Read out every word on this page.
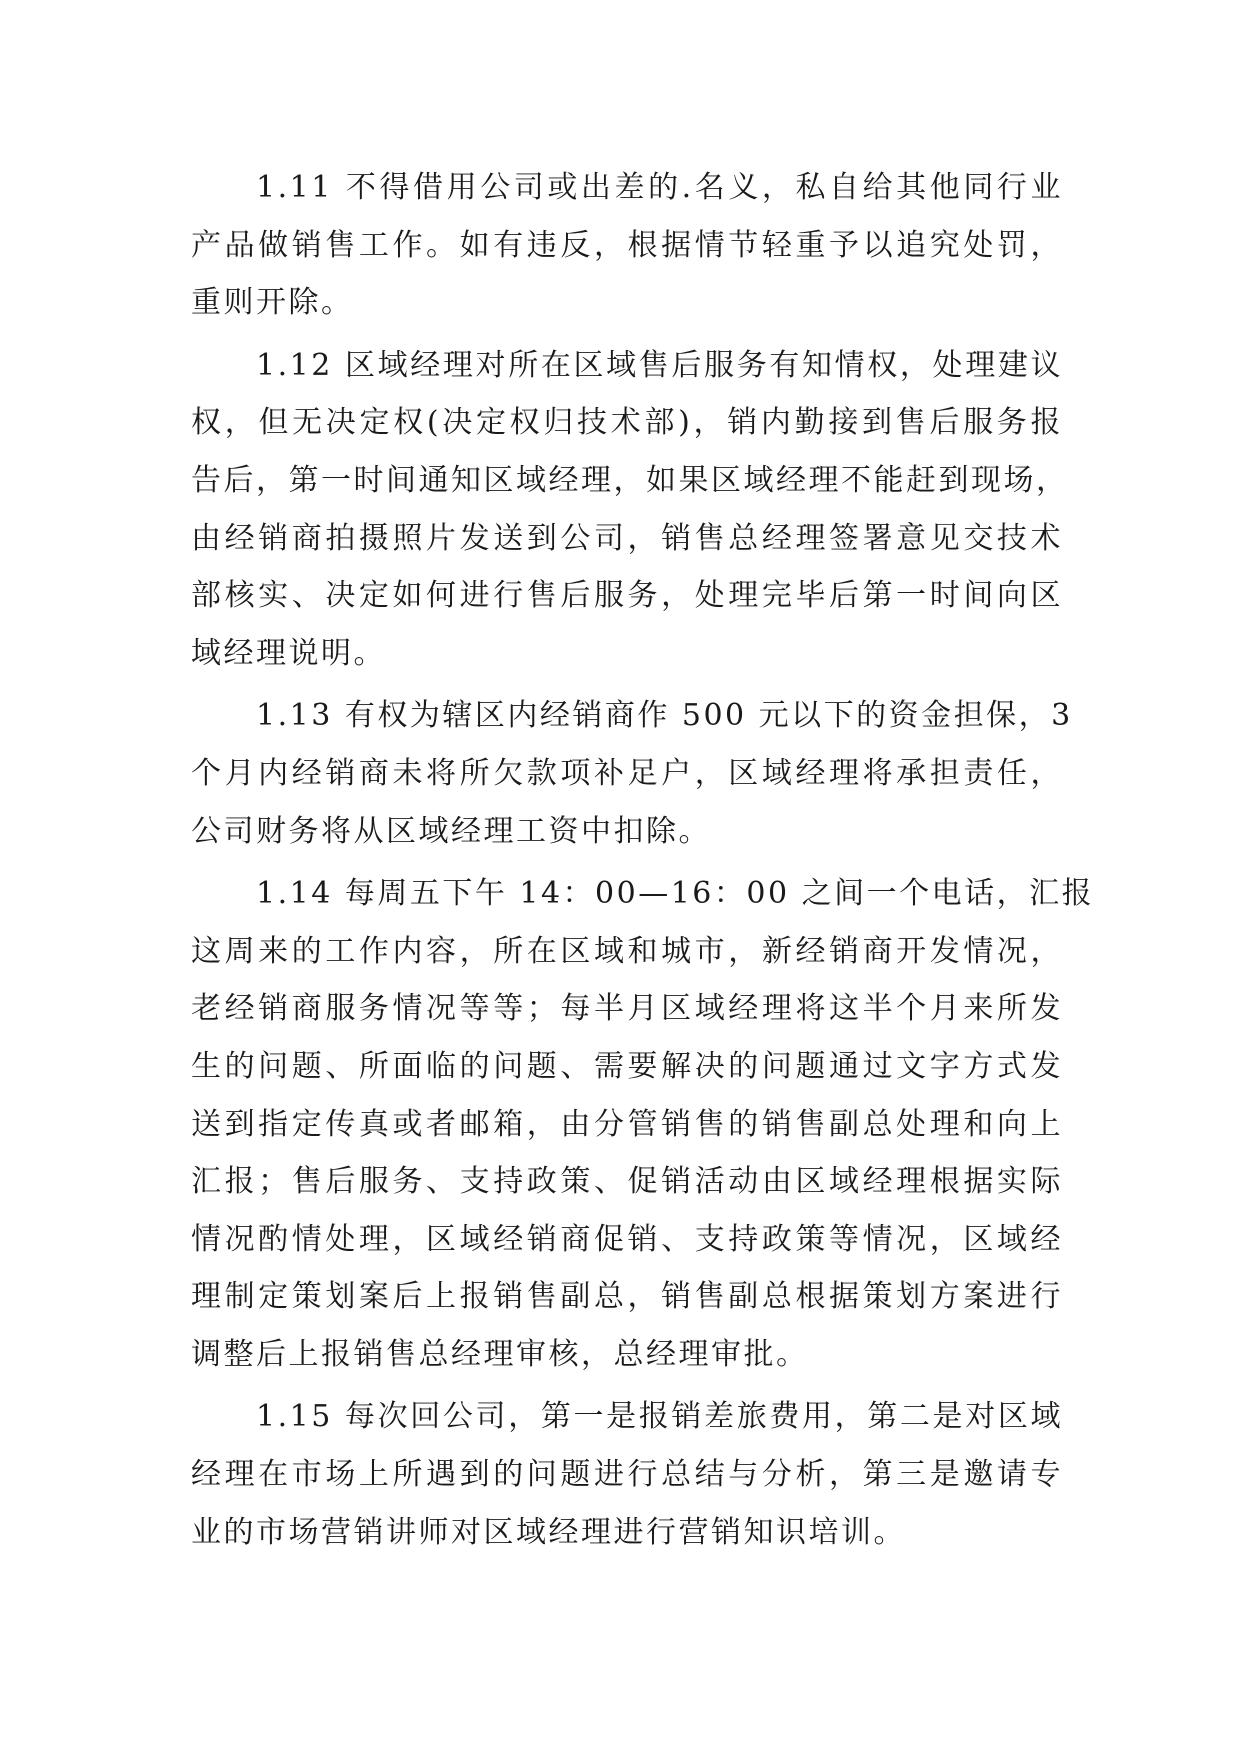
1.11 不得借用公司或出差的.名义，私自给其他同行业
产品做销售工作。如有违反，根据情节轻重予以追究处罚，
重则开除。
1.12 区域经理对所在区域售后服务有知情权，处理建议
权，但无决定权(决定权归技术部)，销内勤接到售后服务报
告后，第一时间通知区域经理，如果区域经理不能赶到现场，
由经销商拍摄照片发送到公司，销售总经理签署意见交技术
部核实、决定如何进行售后服务，处理完毕后第一时间向区
域经理说明。
1.13 有权为辖区内经销商作 500 元以下的资金担保，3
个月内经销商未将所欠款项补足户，区域经理将承担责任，
公司财务将从区域经理工资中扣除。
1.14 每周五下午 14：00—16：00 之间一个电话，汇报
这周来的工作内容，所在区域和城市，新经销商开发情况，
老经销商服务情况等等；每半月区域经理将这半个月来所发
生的问题、所面临的问题、需要解决的问题通过文字方式发
送到指定传真或者邮箱，由分管销售的销售副总处理和向上
汇报；售后服务、支持政策、促销活动由区域经理根据实际
情况酌情处理，区域经销商促销、支持政策等情况，区域经
理制定策划案后上报销售副总，销售副总根据策划方案进行
调整后上报销售总经理审核，总经理审批。
1.15 每次回公司，第一是报销差旅费用，第二是对区域
经理在市场上所遇到的问题进行总结与分析，第三是邀请专
业的市场营销讲师对区域经理进行营销知识培训。
